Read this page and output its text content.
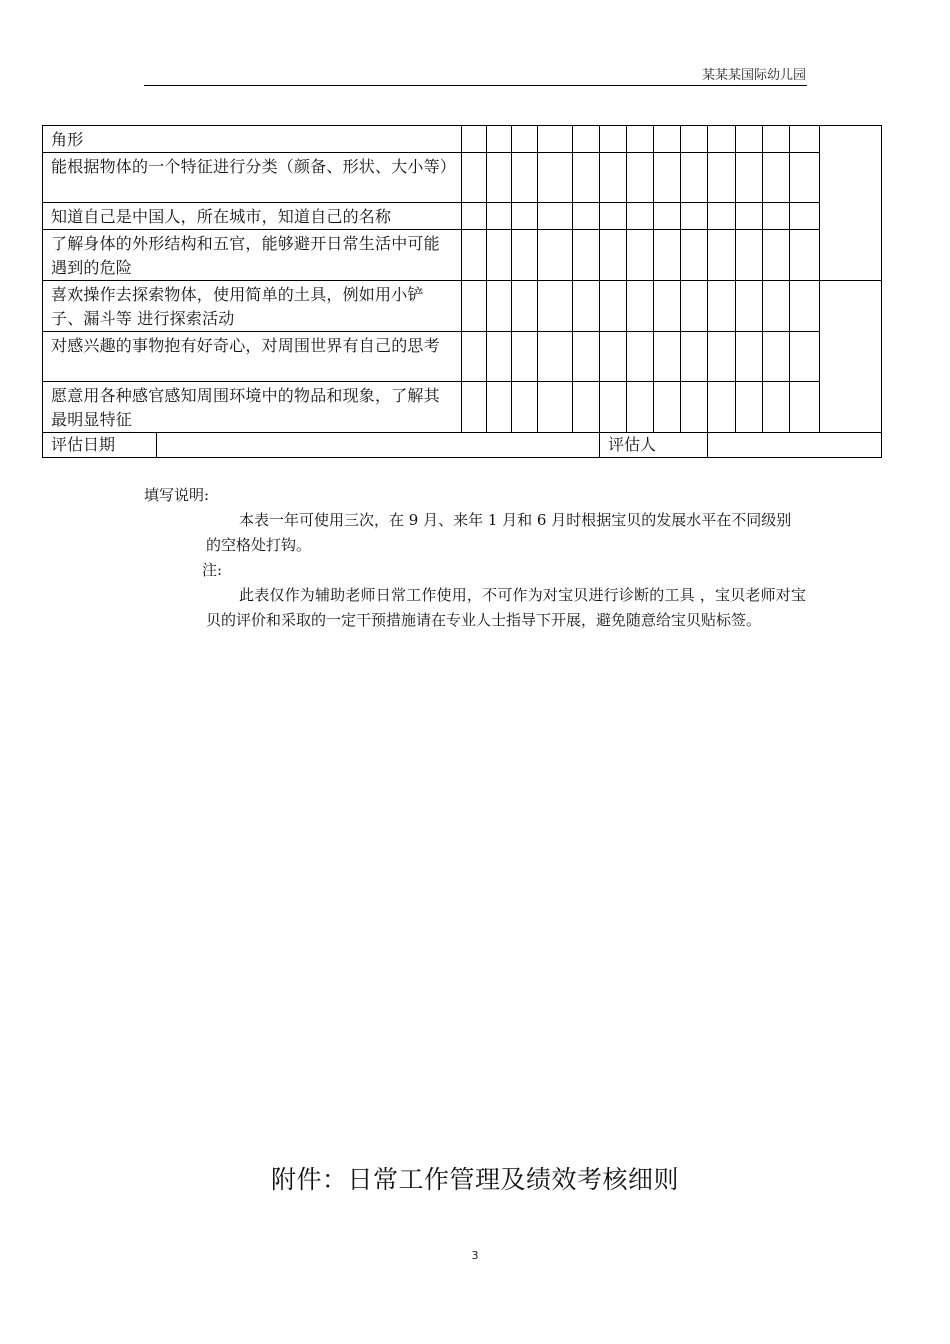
某某某国际幼儿园
角形														
能根据物体的一个特征进行分类（颜备、形状、大小等）														
知道自己是中国人，所在城市，知道自己的名称														
了解身体的外形结构和五官，能够避开日常生活中可能遇到的危险														
喜欢操作去探索物体，使用简单的土具，例如用小铲子、漏斗等 进行探索活动														
对感兴趣的事物抱有好奇心，对周围世界有自己的思考														
愿意用各种感官感知周围环境中的物品和现象，了解其最明显特征														

评估日期						评估人								
填写说明:
本表一年可使用三次，在 9 月、来年 1 月和 6 月时根据宝贝的发展水平在不同级别的空格处打钩。
注:
此表仅作为辅助老师日常工作使用，不可作为对宝贝进行诊断的工具 ，宝贝老师对宝贝的评价和采取的一定干预措施请在专业人士指导下开展，避免随意给宝贝贴标签。
附件：日常工作管理及绩效考核细则
3
